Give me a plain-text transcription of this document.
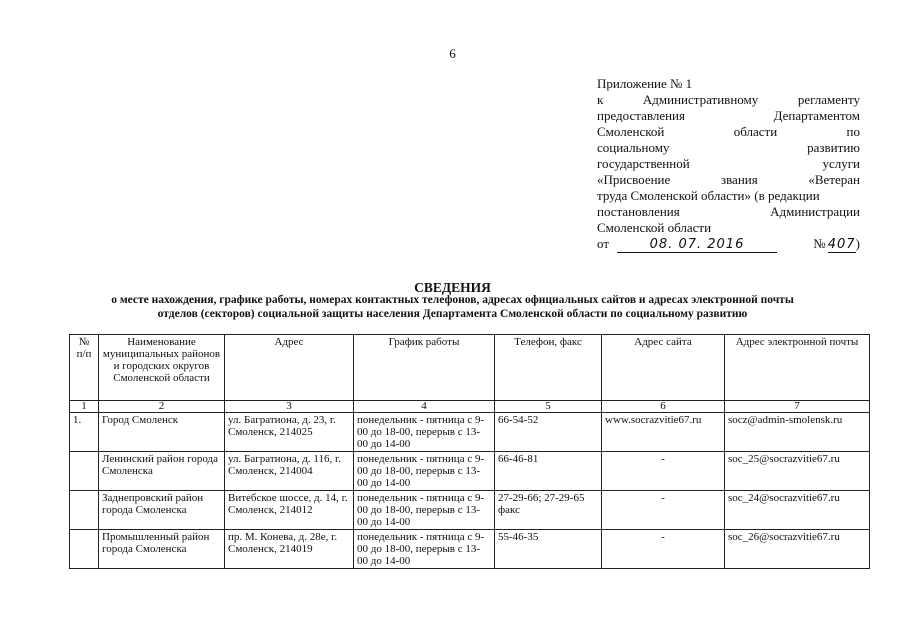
6
Приложение № 1
к Административному регламенту
предоставления Департаментом
Смоленской области по
социальному развитию
государственной услуги
«Присвоение звания «Ветеран
труда Смоленской области» (в редакции
постановления Администрации
Смоленской области
от	08. 07. 2016	№ 407 )
СВЕДЕНИЯ
о месте нахождения, графике работы, номерах контактных телефонов, адресах официальных сайтов и адресах электронной почты
отделов (секторов) социальной защиты населения Департамента Смоленской области по социальному развитию
№ п/п	Наименование муниципальных районов и городских округов Смоленской области	Адрес	График работы	Телефон, факс	Адрес сайта	Адрес электронной почты
1	2	3	4	5	6	7
1.	Город Смоленск	ул. Багратиона, д. 23, г. Смоленск, 214025	понедельник - пятница с 9-00 до 18-00, перерыв с 13-00 до 14-00	66-54-52	www.socrazvitie67.ru	socz@admin-smolensk.ru
	Ленинский район города Смоленска	ул. Багратиона, д. 116, г. Смоленск, 214004	понедельник - пятница с 9-00 до 18-00, перерыв с 13-00 до 14-00	66-46-81	-	soc_25@socrazvitie67.ru
	Заднепровский район города Смоленска	Витебское шоссе, д. 14, г. Смоленск, 214012	понедельник - пятница с 9-00 до 18-00, перерыв с 13-00 до 14-00	27-29-66; 27-29-65 факс	-	soc_24@socrazvitie67.ru
	Промышленный район города Смоленска	пр. М. Конева, д. 28е, г. Смоленск, 214019	понедельник - пятница с 9-00 до 18-00, перерыв с 13-00 до 14-00	55-46-35	-	soc_26@socrazvitie67.ru
